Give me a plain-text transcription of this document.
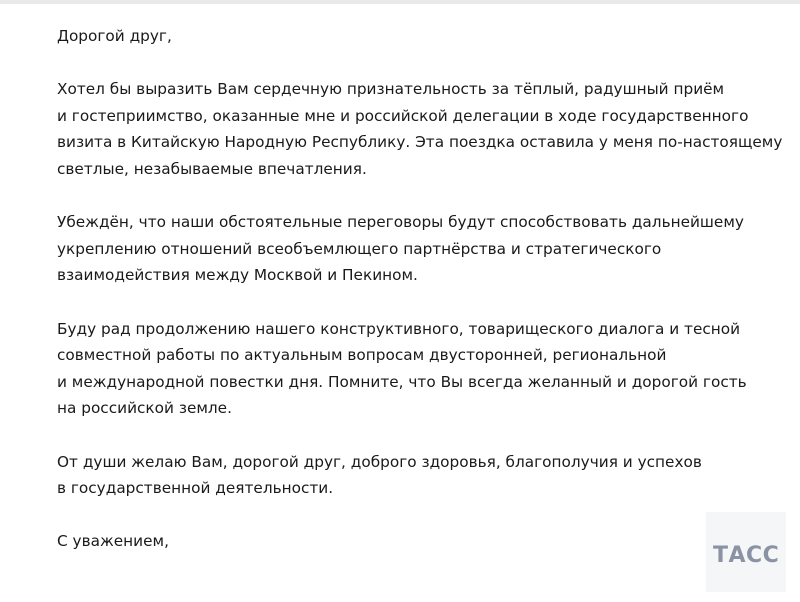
Дорогой друг,
Хотел бы выразить Вам сердечную признательность за тёплый, радушный приём
и гостеприимство, оказанные мне и российской делегации в ходе государственного
визита в Китайскую Народную Республику. Эта поездка оставила у меня по-настоящему
светлые, незабываемые впечатления.
Убеждён, что наши обстоятельные переговоры будут способствовать дальнейшему
укреплению отношений всеобъемлющего партнёрства и стратегического
взаимодействия между Москвой и Пекином.
Буду рад продолжению нашего конструктивного, товарищеского диалога и тесной
совместной работы по актуальным вопросам двусторонней, региональной
и международной повестки дня. Помните, что Вы всегда желанный и дорогой гость
на российской земле.
От души желаю Вам, дорогой друг, доброго здоровья, благополучия и успехов
в государственной деятельности.
С уважением,
ТАСС
